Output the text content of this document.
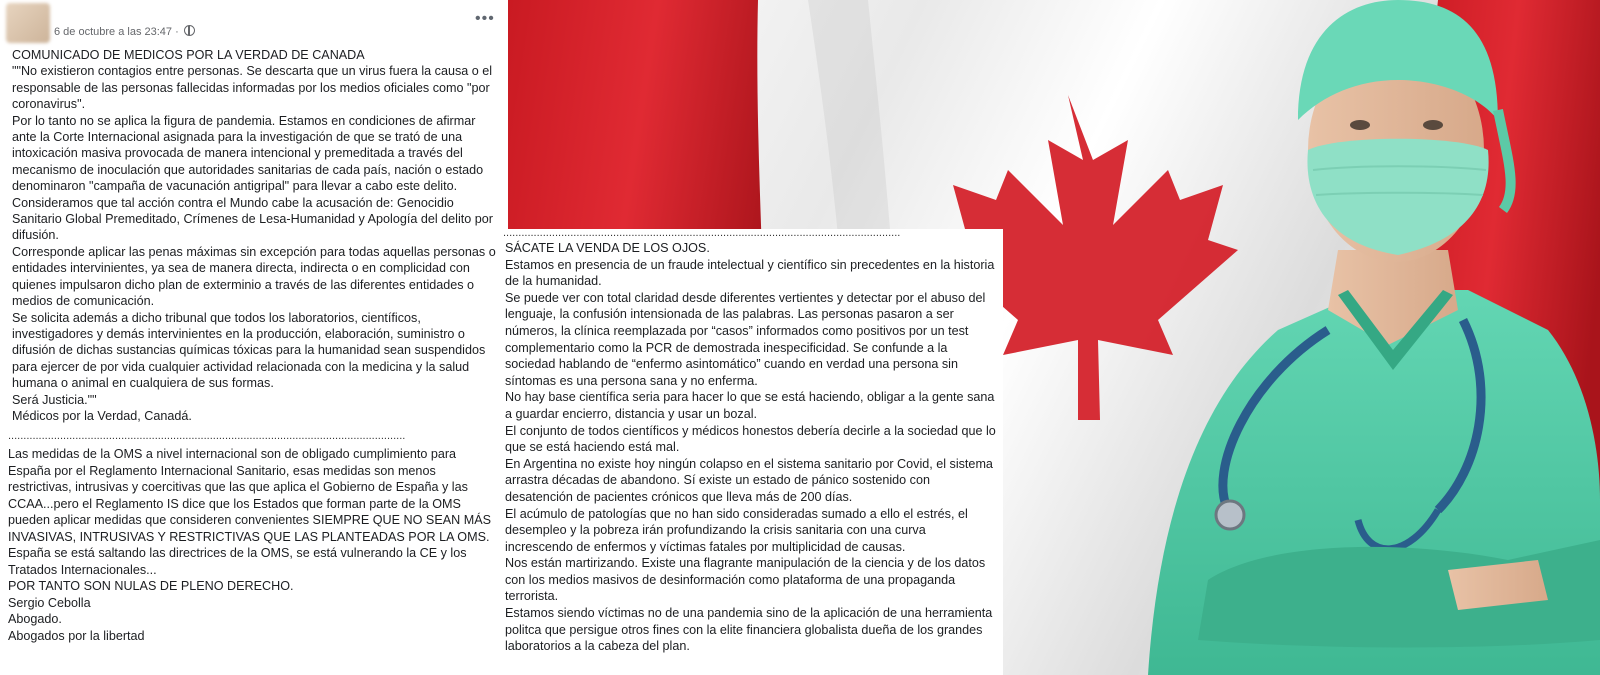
6 de octubre a las 23:47 ·
•••

COMUNICADO DE MEDICOS POR LA VERDAD DE CANADA

""No existieron contagios entre personas. Se descarta que un virus fuera la causa o el responsable de las personas fallecidas informadas por los medios oficiales como "por coronavirus".

Por lo tanto no se aplica la figura de pandemia. Estamos en condiciones de afirmar ante la Corte Internacional asignada para la investigación de que se trató de una intoxicación masiva provocada de manera intencional y premeditada a través del mecanismo de inoculación que autoridades sanitarias de cada país, nación o estado denominaron "campaña de vacunación antigripal" para llevar a cabo este delito.

Consideramos que tal acción contra el Mundo cabe la acusación de: Genocidio Sanitario Global Premeditado, Crímenes de Lesa-Humanidad y Apología del delito por difusión.

Corresponde aplicar las penas máximas sin excepción para todas aquellas personas o entidades intervinientes, ya sea de manera directa, indirecta o en complicidad con quienes impulsaron dicho plan de exterminio a través de las diferentes entidades o medios de comunicación.

Se solicita además a dicho tribunal que todos los laboratorios, científicos, investigadores y demás intervinientes en la producción, elaboración, suministro o difusión de dichas sustancias químicas tóxicas para la humanidad sean suspendidos para ejercer de por vida cualquier actividad relacionada con la medicina y la salud humana o animal en cualquiera de sus formas.

Será Justicia.""

Médicos por la Verdad, Canadá.

..................................................................................................................................

Las medidas de la OMS a nivel internacional son de obligado cumplimiento para España por el Reglamento Internacional Sanitario, esas medidas son menos restrictivas, intrusivas y coercitivas que las que aplica el Gobierno de España y las CCAA...pero el Reglamento IS dice que los Estados que forman parte de la OMS pueden aplicar medidas que consideren convenientes SIEMPRE QUE NO SEAN MÁS INVASIVAS, INTRUSIVAS Y RESTRICTIVAS QUE LAS PLANTEADAS POR LA OMS.

España se está saltando las directrices de la OMS, se está vulnerando la CE y los Tratados Internacionales...

POR TANTO SON NULAS DE PLENO DERECHO.

Sergio Cebolla

Abogado.

Abogados por la libertad

..................................................................................................................................

SÁCATE LA VENDA DE LOS OJOS.

Estamos en presencia de un fraude intelectual y científico sin precedentes en la historia de la humanidad.

Se puede ver con total claridad desde diferentes vertientes y detectar por el abuso del lenguaje, la confusión intensionada de las palabras. Las personas pasaron a ser números, la clínica reemplazada por “casos” informados como positivos por un test complementario como la PCR de demostrada inespecificidad. Se confunde a la sociedad hablando de “enfermo asintomático” cuando en verdad una persona sin síntomas es una persona sana y no enferma.

No hay base científica seria para hacer lo que se está haciendo, obligar a la gente sana a guardar encierro, distancia y usar un bozal.

El conjunto de todos científicos y médicos honestos debería decirle a la sociedad que lo que se está haciendo está mal.

En Argentina no existe hoy ningún colapso en el sistema sanitario por Covid, el sistema arrastra décadas de abandono. Sí existe un estado de pánico sostenido con desatención de pacientes crónicos que lleva más de 200 días.

El acúmulo de patologías que no han sido consideradas sumado a ello el estrés, el desempleo y la pobreza irán profundizando la crisis sanitaria con una curva increscendo de enfermos y víctimas fatales por multiplicidad de causas.

Nos están martirizando. Existe una flagrante manipulación de la ciencia y de los datos con los medios masivos de desinformación como plataforma de una propaganda terrorista.

Estamos siendo víctimas no de una pandemia sino de la aplicación de una herramienta politca que persigue otros fines con la elite financiera globalista dueña de los grandes laboratorios a la cabeza del plan.
